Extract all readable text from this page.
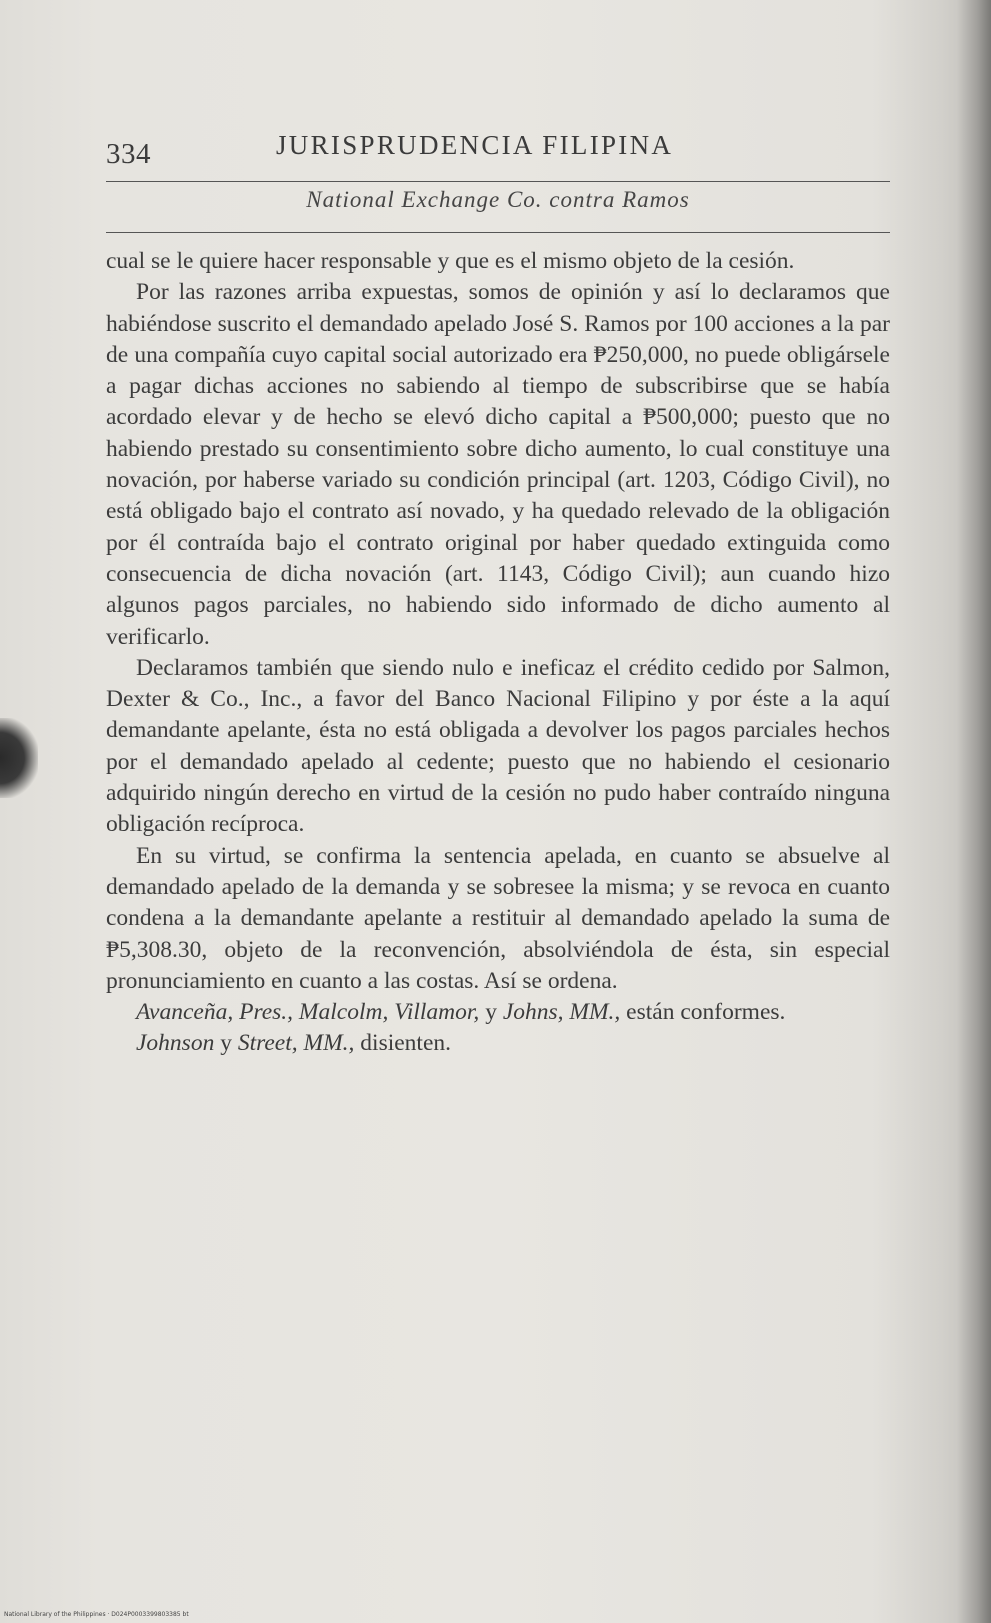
334	JURISPRUDENCIA FILIPINA
National Exchange Co. contra Ramos

cual se le quiere hacer responsable y que es el mismo objeto de la cesión.

Por las razones arriba expuestas, somos de opinión y así lo declaramos que habiéndose suscrito el demandado apelado José S. Ramos por 100 acciones a la par de una compañía cuyo capital social autorizado era ₱250,000, no puede obligársele a pagar dichas acciones no sabiendo al tiempo de subscribirse que se había acordado elevar y de hecho se elevó dicho capital a ₱500,000; puesto que no habiendo prestado su consentimiento sobre dicho aumento, lo cual constituye una novación, por haberse variado su condición principal (art. 1203, Código Civil), no está obligado bajo el contrato así novado, y ha quedado relevado de la obligación por él contraída bajo el contrato original por haber quedado extinguida como consecuencia de dicha novación (art. 1143, Código Civil); aun cuando hizo algunos pagos parciales, no habiendo sido informado de dicho aumento al verificarlo.

Declaramos también que siendo nulo e ineficaz el crédito cedido por Salmon, Dexter & Co., Inc., a favor del Banco Nacional Filipino y por éste a la aquí demandante apelante, ésta no está obligada a devolver los pagos parciales hechos por el demandado apelado al cedente; puesto que no habiendo el cesionario adquirido ningún derecho en virtud de la cesión no pudo haber contraído ninguna obligación recíproca.

En su virtud, se confirma la sentencia apelada, en cuanto se absuelve al demandado apelado de la demanda y se sobresee la misma; y se revoca en cuanto condena a la demandante apelante a restituir al demandado apelado la suma de ₱5,308.30, objeto de la reconvención, absolviéndola de ésta, sin especial pronunciamiento en cuanto a las costas. Así se ordena.

Avanceña, Pres., Malcolm, Villamor, y Johns, MM., están conformes.

Johnson y Street, MM., disienten.

National Library of the Philippines · D024P0003399803385 bt
